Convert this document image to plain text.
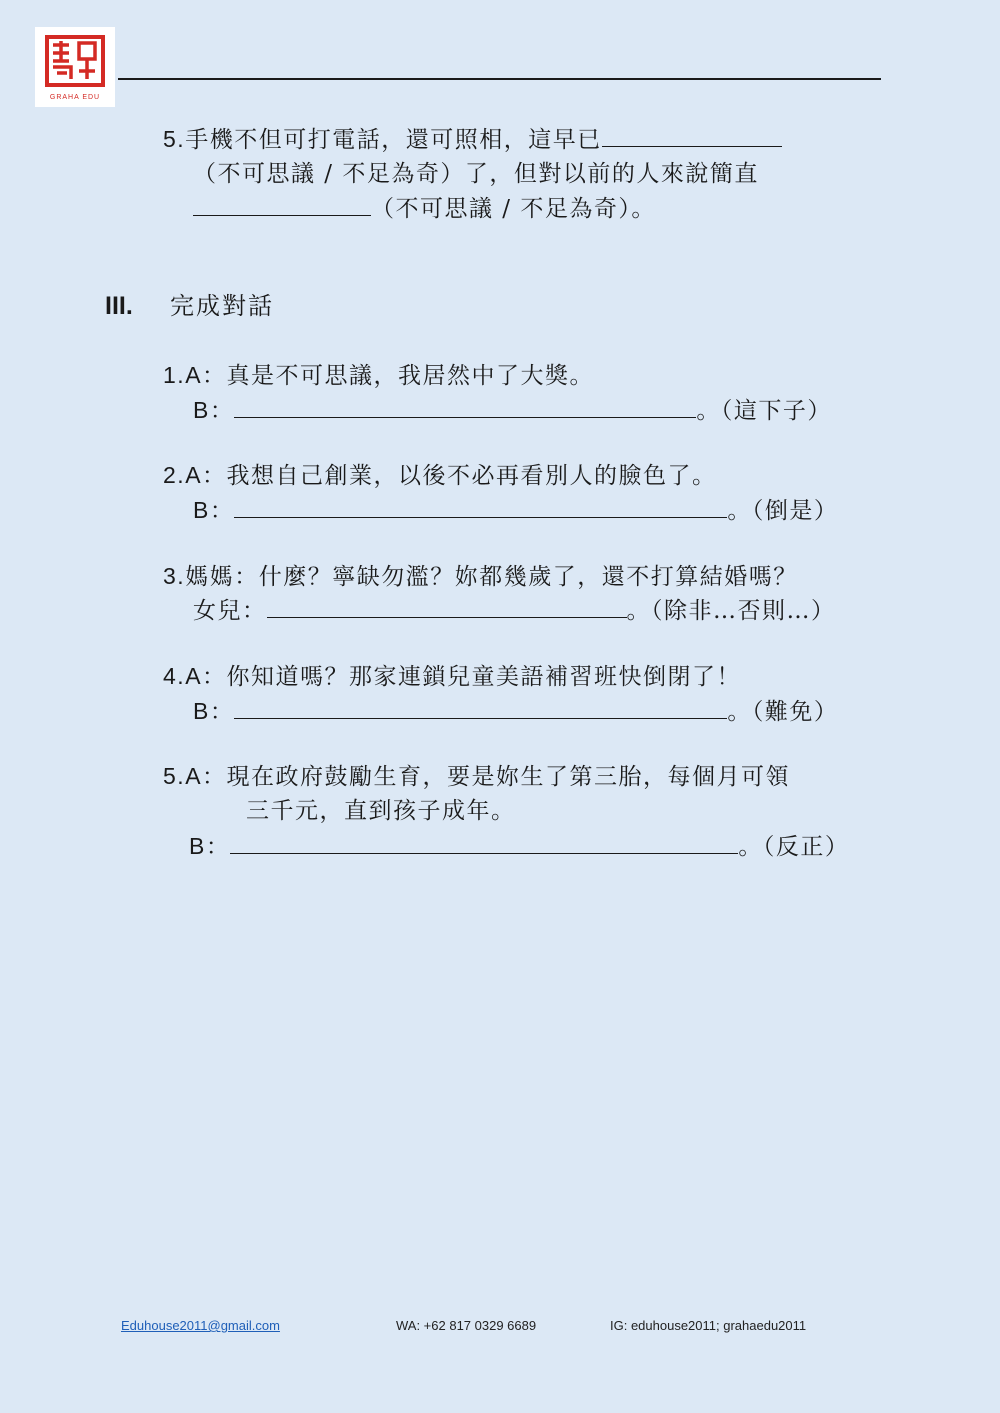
GRAHA EDU
5.手機不但可打電話，還可照相，這早已
（不可思議 / 不足為奇）了，但對以前的人來說簡直
（不可思議 / 不足為奇）。
III. 完成對話
1.A：真是不可思議，我居然中了大獎。
B：	。（這下子）
2.A：我想自己創業，以後不必再看別人的臉色了。
B：	。（倒是）
3.媽媽：什麼？寧缺勿濫？妳都幾歲了，還不打算結婚嗎？
女兒：	。（除非…否則…）
4.A：你知道嗎？那家連鎖兒童美語補習班快倒閉了！
B：	。（難免）
5.A：現在政府鼓勵生育，要是妳生了第三胎，每個月可領
三千元，直到孩子成年。
B：	。（反正）
Eduhouse2011@gmail.com	WA: +62 817 0329 6689	IG: eduhouse2011; grahaedu2011
